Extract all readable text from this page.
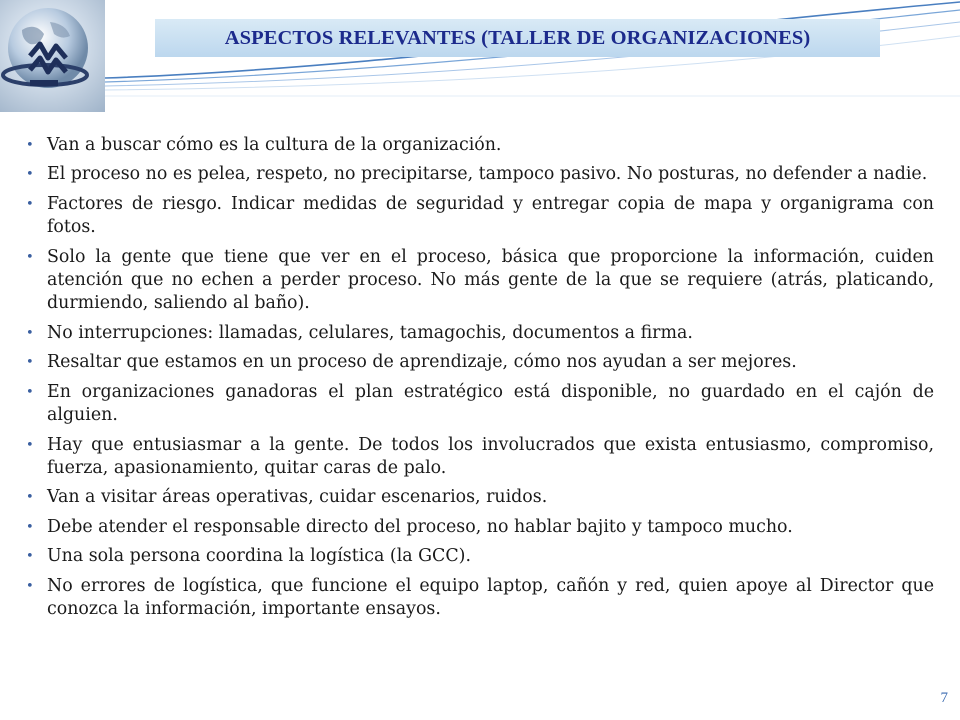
ASPECTOS RELEVANTES (TALLER DE ORGANIZACIONES)
• Van a buscar cómo es la cultura de la organización.
• El proceso no es pelea, respeto, no precipitarse, tampoco pasivo. No posturas, no defender a nadie.
• Factores de riesgo. Indicar medidas de seguridad y entregar copia de mapa y organigrama con fotos.
• Solo la gente que tiene que ver en el proceso, básica que proporcione la información, cuiden atención que no echen a perder proceso. No más gente de la que se requiere (atrás, platicando, durmiendo, saliendo al baño).
• No interrupciones: llamadas, celulares, tamagochis, documentos a firma.
• Resaltar que estamos en un proceso de aprendizaje, cómo nos ayudan a ser mejores.
• En organizaciones ganadoras el plan estratégico está disponible, no guardado en el cajón de alguien.
• Hay que entusiasmar a la gente. De todos los involucrados que exista entusiasmo, compromiso, fuerza, apasionamiento, quitar caras de palo.
• Van a visitar áreas operativas, cuidar escenarios, ruidos.
• Debe atender el responsable directo del proceso, no hablar bajito y tampoco mucho.
• Una sola persona coordina la logística (la GCC).
• No errores de logística, que funcione el equipo laptop, cañón y red, quien apoye al Director que conozca la información, importante ensayos.
7
